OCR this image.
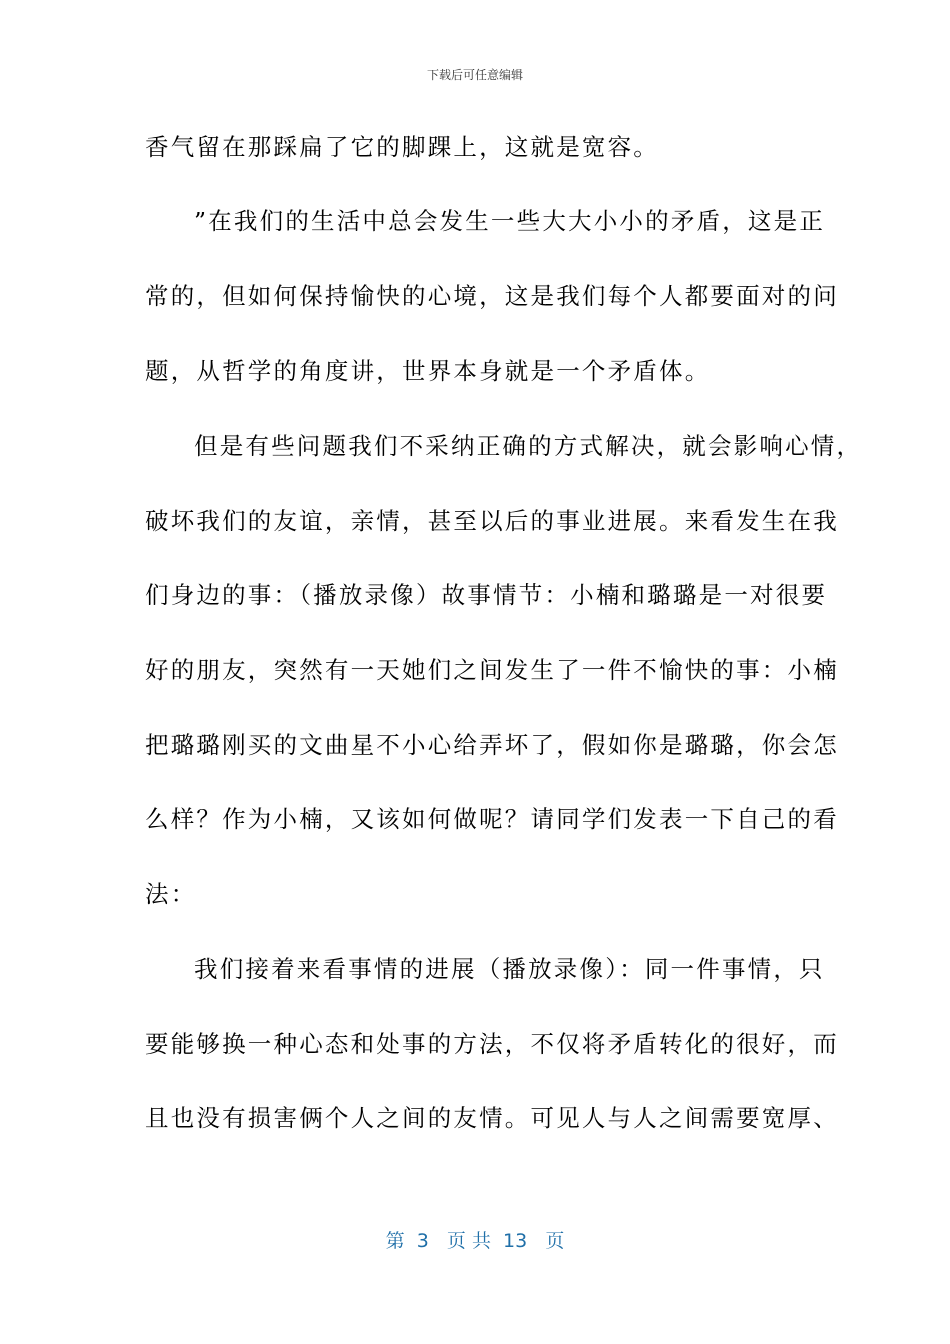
下载后可任意编辑
香气留在那踩扁了它的脚踝上，这就是宽容。
”在我们的生活中总会发生一些大大小小的矛盾，这是正
常的，但如何保持愉快的心境，这是我们每个人都要面对的问
题，从哲学的角度讲，世界本身就是一个矛盾体。
但是有些问题我们不采纳正确的方式解决，就会影响心情，
破坏我们的友谊，亲情，甚至以后的事业进展。来看发生在我
们身边的事：（播放录像）故事情节：小楠和璐璐是一对很要
好的朋友，突然有一天她们之间发生了一件不愉快的事：小楠
把璐璐刚买的文曲星不小心给弄坏了，假如你是璐璐，你会怎
么样？作为小楠，又该如何做呢？请同学们发表一下自己的看
法：
我们接着来看事情的进展（播放录像）：同一件事情，只
要能够换一种心态和处事的方法，不仅将矛盾转化的很好，而
且也没有损害俩个人之间的友情。可见人与人之间需要宽厚、
第  3   页 共  13   页
